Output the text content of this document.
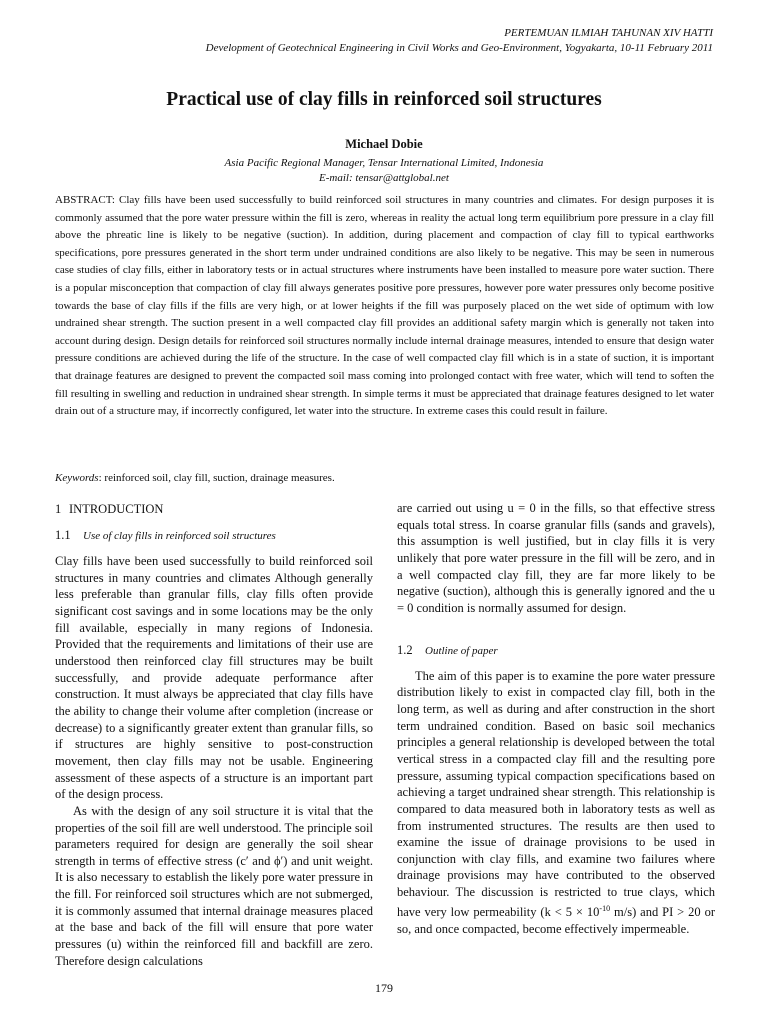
PERTEMUAN ILMIAH TAHUNAN XIV HATTI
Development of Geotechnical Engineering in Civil Works and Geo-Environment, Yogyakarta, 10-11 February 2011
Practical use of clay fills in reinforced soil structures
Michael Dobie
Asia Pacific Regional Manager, Tensar International Limited, Indonesia
E-mail: tensar@attglobal.net

ABSTRACT: Clay fills have been used successfully to build reinforced soil structures in many countries and climates. For design purposes it is commonly assumed that the pore water pressure within the fill is zero, whereas in reality the actual long term equilibrium pore pressure in a clay fill above the phreatic line is likely to be negative (suction). In addition, during placement and compaction of clay fill to typical earthworks specifications, pore pressures generated in the short term under undrained conditions are also likely to be negative. This may be seen in numerous case studies of clay fills, either in laboratory tests or in actual structures where instruments have been installed to measure pore water suction. There is a popular misconception that compaction of clay fill always generates positive pore pressures, however pore water pressures only become positive towards the base of clay fills if the fills are very high, or at lower heights if the fill was purposely placed on the wet side of optimum with low undrained shear strength. The suction present in a well compacted clay fill provides an additional safety margin which is generally not taken into account during design. Design details for reinforced soil structures normally include internal drainage measures, intended to ensure that design water pressure conditions are achieved during the life of the structure. In the case of well compacted clay fill which is in a state of suction, it is important that drainage features are designed to prevent the compacted soil mass coming into prolonged contact with free water, which will tend to soften the fill resulting in swelling and reduction in undrained shear strength. In simple terms it must be appreciated that drainage features designed to let water drain out of a structure may, if incorrectly configured, let water into the structure. In extreme cases this could result in failure.

Keywords: reinforced soil, clay fill, suction, drainage measures.

1 INTRODUCTION

1.1 Use of clay fills in reinforced soil structures

Clay fills have been used successfully to build reinforced soil structures in many countries and climates Although generally less preferable than granular fills, clay fills often provide significant cost savings and in some locations may be the only fill available, especially in many regions of Indonesia. Provided that the requirements and limitations of their use are understood then reinforced clay fill structures may be built successfully, and provide adequate performance after construction. It must always be appreciated that clay fills have the ability to change their volume after completion (increase or decrease) to a significantly greater extent than granular fills, so if structures are highly sensitive to post-construction movement, then clay fills may not be usable. Engineering assessment of these aspects of a structure is an important part of the design process.

As with the design of any soil structure it is vital that the properties of the soil fill are well understood. The principle soil parameters required for design are generally the soil shear strength in terms of effective stress (c′ and ϕ′) and unit weight. It is also necessary to establish the likely pore water pressure in the fill. For reinforced soil structures which are not submerged, it is commonly assumed that internal drainage measures placed at the base and back of the fill will ensure that pore water pressures (u) within the reinforced fill and backfill are zero. Therefore design calculations

are carried out using u = 0 in the fills, so that effective stress equals total stress. In coarse granular fills (sands and gravels), this assumption is well justified, but in clay fills it is very unlikely that pore water pressure in the fill will be zero, and in a well compacted clay fill, they are far more likely to be negative (suction), although this is generally ignored and the u = 0 condition is normally assumed for design.

1.2 Outline of paper

The aim of this paper is to examine the pore water pressure distribution likely to exist in compacted clay fill, both in the long term, as well as during and after construction in the short term undrained condition. Based on basic soil mechanics principles a general relationship is developed between the total vertical stress in a compacted clay fill and the resulting pore pressure, assuming typical compaction specifications based on achieving a target undrained shear strength. This relationship is compared to data measured both in laboratory tests as well as from instrumented structures. The results are then used to examine the issue of drainage provisions to be used in conjunction with clay fills, and examine two failures where drainage provisions may have contributed to the observed behaviour. The discussion is restricted to true clays, which have very low permeability ($k < 5 \times 10^{-10}$ m/s) and PI > 20 or so, and once compacted, become effectively impermeable.

179
